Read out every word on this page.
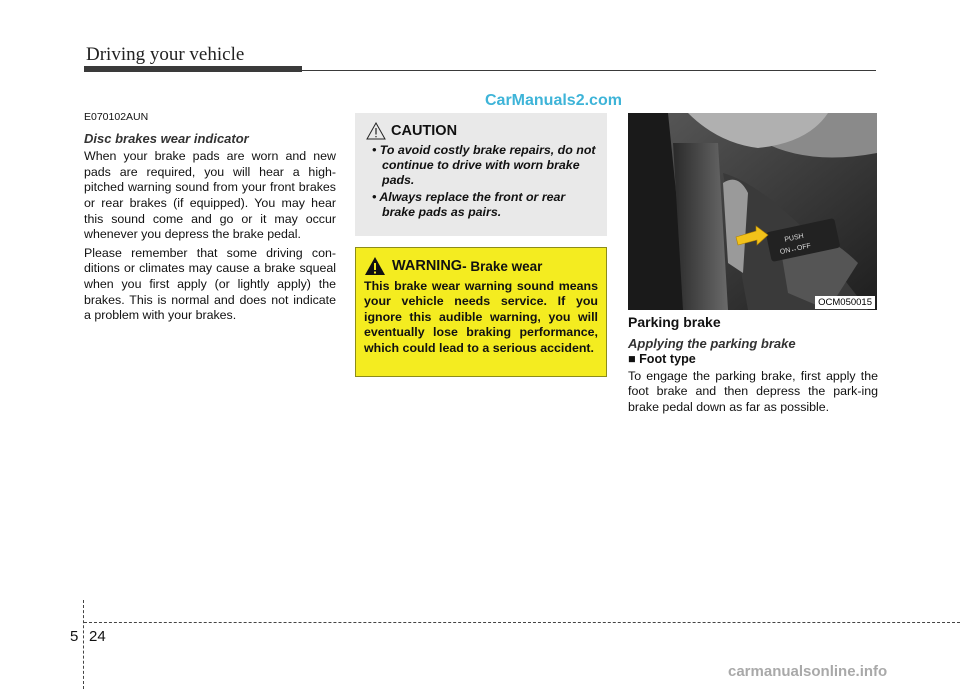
Driving your vehicle
CarManuals2.com
E070102AUN
Disc brakes wear indicator

When your brake pads are worn and new pads are required, you will hear a high-pitched warning sound from your front brakes or rear brakes (if equipped). You may hear this sound come and go or it may occur whenever you depress the brake pedal.

Please remember that some driving con-ditions or climates may cause a brake squeal when you first apply (or lightly apply) the brakes. This is normal and does not indicate a problem with your brakes.

CAUTION
• To avoid costly brake repairs, do not continue to drive with worn brake pads.
• Always replace the front or rear brake pads as pairs.
WARNING - Brake wear
This brake wear warning sound means your vehicle needs service. If you ignore this audible warning, you will eventually lose braking performance, which could lead to a serious accident.
PUSH
ON↔OFF
OCM050015
Parking brake
Applying the parking brake
■ Foot type

To engage the parking brake, first apply the foot brake and then depress the park-ing brake pedal down as far as possible.

5 24
carmanualsonline.info
